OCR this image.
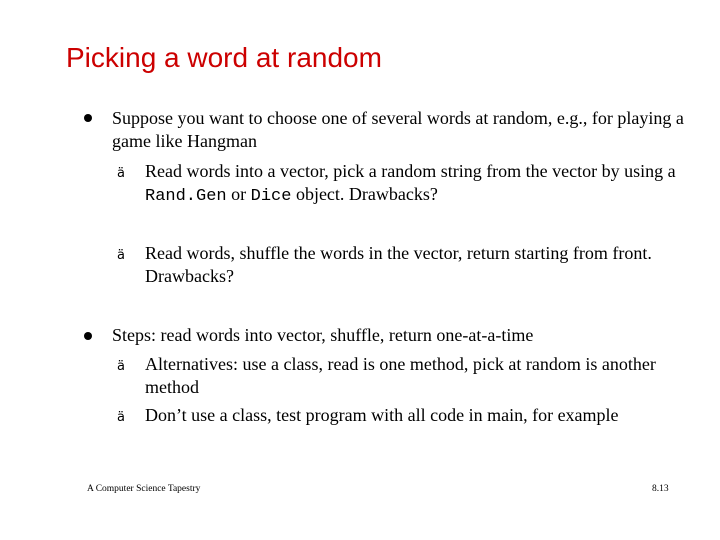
Picking a word at random
Suppose you want to choose one of several words at random, e.g., for playing a game like Hangman
ä Read words into a vector, pick a random string from the vector by using a Rand.Gen or Dice object. Drawbacks?
ä Read words, shuffle the words in the vector, return starting from front. Drawbacks?
Steps: read words into vector, shuffle, return one-at-a-time
ä Alternatives: use a class, read is one method, pick at random is another method
ä Don’t use a class, test program with all code in main, for example
A Computer Science Tapestry	8.13
